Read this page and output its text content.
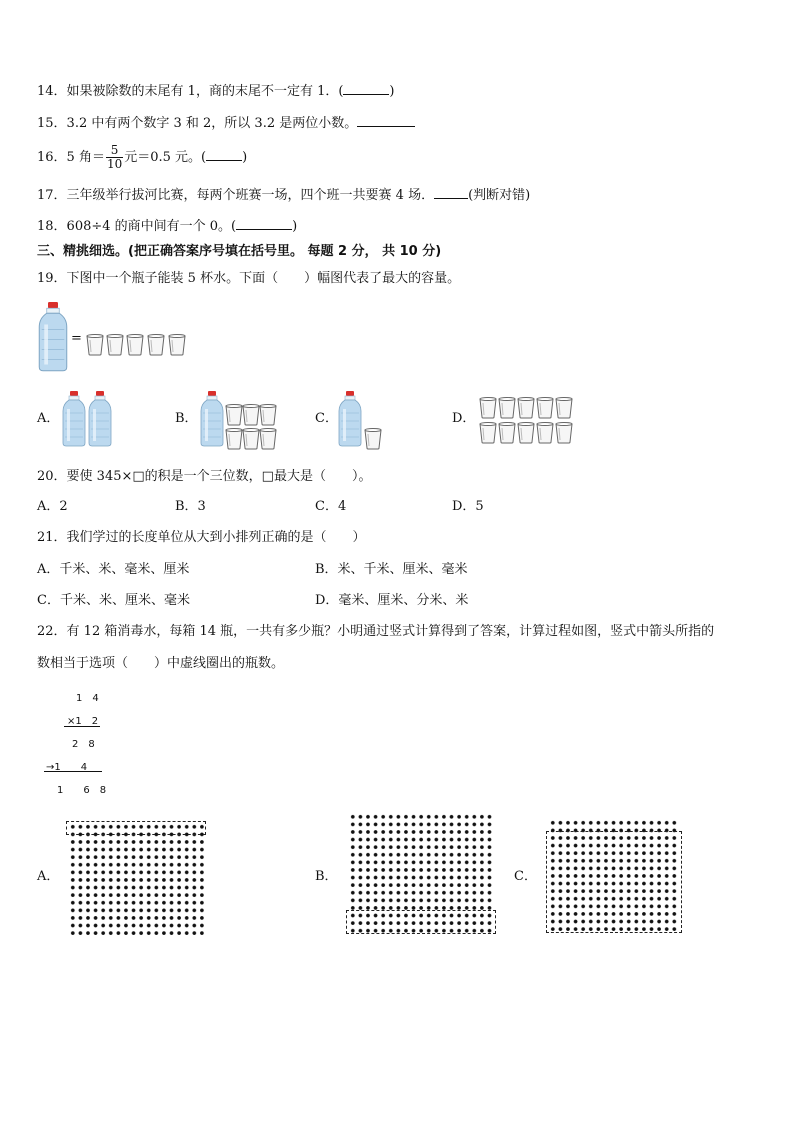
14．如果被除数的末尾有 1，商的末尾不一定有 1．(	)
15．3.2 中有两个数字 3 和 2，所以 3.2 是两位小数。
16．5 角＝ $\frac{5}{10}$ 元＝0.5 元。(	)
17．三年级举行拔河比赛，每两个班赛一场，四个班一共要赛 4 场．	(判断对错)
18．608÷4 的商中间有一个 0。(	)
三、精挑细选。(把正确答案序号填在括号里。 每题 2 分， 共 10 分)
19．下图中一个瓶子能装 5 杯水。下面（　　）幅图代表了最大的容量。
=
A．	B．	C．	D．
20．要使 345×□的积是一个三位数，□最大是（　　）。
A．2	B．3	C．4	D．5
21．我们学过的长度单位从大到小排列正确的是（　　）
A．千米、米、毫米、厘米	B．米、千米、厘米、毫米
C．千米、米、厘米、毫米	D．毫米、厘米、分米、米
22．有 12 箱消毒水，每箱 14 瓶，一共有多少瓶？小明通过竖式计算得到了答案，计算过程如图，竖式中箭头所指的
数相当于选项（　　）中虚线圈出的瓶数。
1　4
×1　2
2　8
→1　　4
1　　6　8
A．	B．	C．
